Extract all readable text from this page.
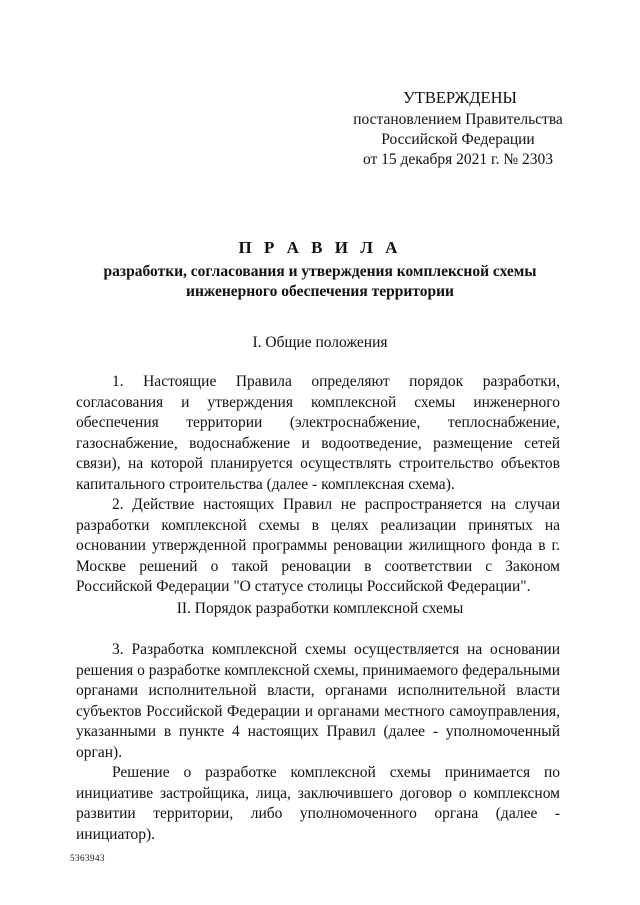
УТВЕРЖДЕНЫ
постановлением Правительства
Российской Федерации
от 15 декабря 2021 г. № 2303
П Р А В И Л А
разработки, согласования и утверждения комплексной схемы инженерного обеспечения территории
I. Общие положения

1. Настоящие Правила определяют порядок разработки, согласования и утверждения комплексной схемы инженерного обеспечения территории (электроснабжение, теплоснабжение, газоснабжение, водоснабжение и водоотведение, размещение сетей связи), на которой планируется осуществлять строительство объектов капитального строительства (далее - комплексная схема).

2. Действие настоящих Правил не распространяется на случаи разработки комплексной схемы в целях реализации принятых на основании утвержденной программы реновации жилищного фонда в г. Москве решений о такой реновации в соответствии с Законом Российской Федерации "О статусе столицы Российской Федерации".

II. Порядок разработки комплексной схемы

3. Разработка комплексной схемы осуществляется на основании решения о разработке комплексной схемы, принимаемого федеральными органами исполнительной власти, органами исполнительной власти субъектов Российской Федерации и органами местного самоуправления, указанными в пункте 4 настоящих Правил (далее - уполномоченный орган).

Решение о разработке комплексной схемы принимается по инициативе застройщика, лица, заключившего договор о комплексном развитии территории, либо уполномоченного органа (далее - инициатор).

5363943
